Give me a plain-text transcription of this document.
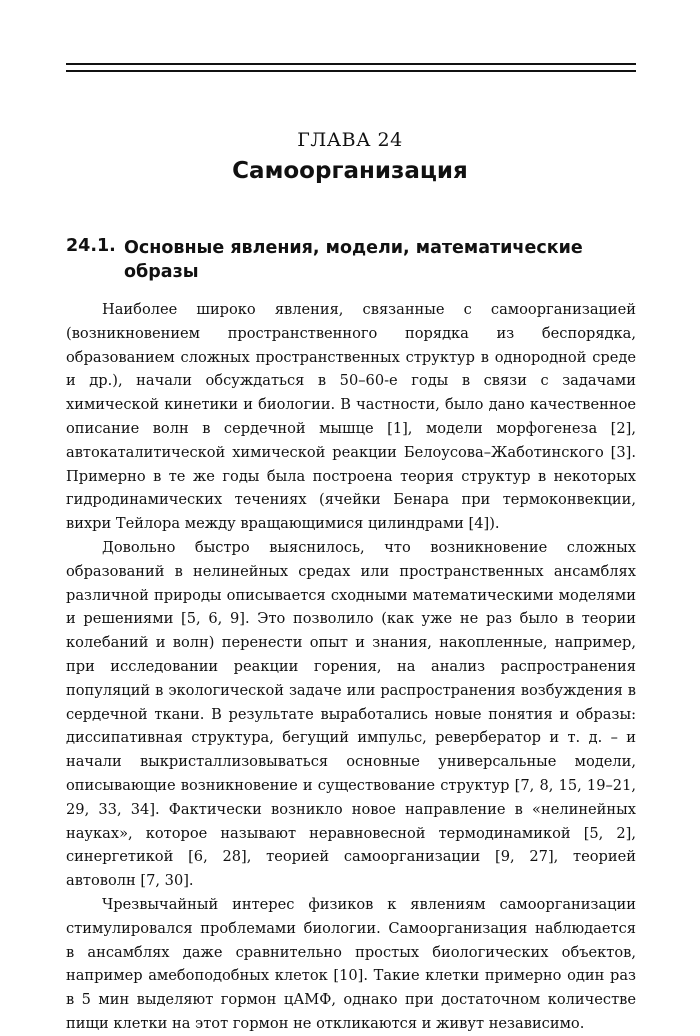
ГЛАВА 24
Самоорганизация
24.1. Основные явления, модели, математические образы

Наиболее широко явления, связанные с самоорганизацией (возникновением пространственного порядка из беспорядка, образованием сложных пространственных структур в однородной среде и др.), начали обсуждаться в 50–60-е годы в связи с задачами химической кинетики и биологии. В частности, было дано качественное описание волн в сердечной мышце [1], модели морфогенеза [2], автокаталитической химической реакции Белоусова–Жаботинского [3]. Примерно в те же годы была построена теория структур в некоторых гидродинамических течениях (ячейки Бенара при термоконвекции, вихри Тейлора между вращающимися цилиндрами [4]).

Довольно быстро выяснилось, что возникновение сложных образований в нелинейных средах или пространственных ансамблях различной природы описывается сходными математическими моделями и решениями [5, 6, 9]. Это позволило (как уже не раз было в теории колебаний и волн) перенести опыт и знания, накопленные, например, при исследовании реакции горения, на анализ распространения популяций в экологической задаче или распространения возбуждения в сердечной ткани. В результате выработались новые понятия и образы: диссипативная структура, бегущий импульс, ревербератор и т. д. – и начали выкристаллизовываться основные универсальные модели, описывающие возникновение и существование структур [7, 8, 15, 19–21, 29, 33, 34]. Фактически возникло новое направление в «нелинейных науках», которое называют неравновесной термодинамикой [5, 2], синергетикой [6, 28], теорией самоорганизации [9, 27], теорией автоволн [7, 30].

Чрезвычайный интерес физиков к явлениям самоорганизации стимулировался проблемами биологии. Самоорганизация наблюдается в ансамблях даже сравнительно простых биологических объектов, например амебоподобных клеток [10]. Такие клетки примерно один раз в 5 мин выделяют гормон цАМФ, однако при достаточном количестве пищи клетки на этот гормон не откликаются и живут независимо.
